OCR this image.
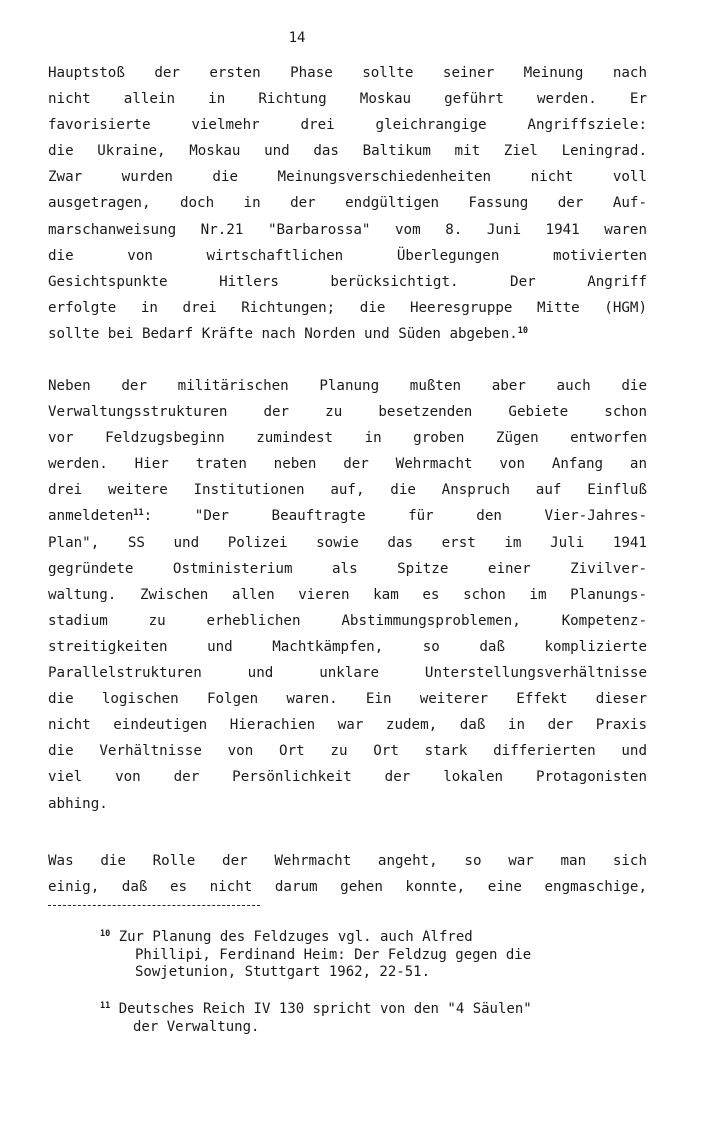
14
Hauptstoß der ersten Phase sollte seiner Meinung nach
nicht allein in Richtung Moskau geführt werden. Er
favorisierte vielmehr drei gleichrangige Angriffsziele:
die Ukraine, Moskau und das Baltikum mit Ziel Leningrad.
Zwar wurden die Meinungsverschiedenheiten nicht voll
ausgetragen, doch in der endgültigen Fassung der Auf-
marschanweisung Nr.21 "Barbarossa" vom 8. Juni 1941 waren
die von wirtschaftlichen Überlegungen motivierten
Gesichtspunkte Hitlers berücksichtigt. Der Angriff
erfolgte in drei Richtungen; die Heeresgruppe Mitte (HGM)
sollte bei Bedarf Kräfte nach Norden und Süden abgeben.$^{10}$
Neben der militärischen Planung mußten aber auch die
Verwaltungsstrukturen der zu besetzenden Gebiete schon
vor Feldzugsbeginn zumindest in groben Zügen entworfen
werden. Hier traten neben der Wehrmacht von Anfang an
drei weitere Institutionen auf, die Anspruch auf Einfluß
anmeldeten$^{11}$: "Der Beauftragte für den Vier-Jahres-
Plan", SS und Polizei sowie das erst im Juli 1941
gegründete Ostministerium als Spitze einer Zivilver-
waltung. Zwischen allen vieren kam es schon im Planungs-
stadium zu erheblichen Abstimmungsproblemen, Kompetenz-
streitigkeiten und Machtkämpfen, so daß komplizierte
Parallelstrukturen und unklare Unterstellungsverhältnisse
die logischen Folgen waren. Ein weiterer Effekt dieser
nicht eindeutigen Hierachien war zudem, daß in der Praxis
die Verhältnisse von Ort zu Ort stark differierten und
viel von der Persönlichkeit der lokalen Protagonisten
abhing.
Was die Rolle der Wehrmacht angeht, so war man sich
einig, daß es nicht darum gehen konnte, eine engmaschige,
$^{10}$ Zur Planung des Feldzuges vgl. auch Alfred
Phillipi, Ferdinand Heim: Der Feldzug gegen die
Sowjetunion, Stuttgart 1962, 22-51.
$^{11}$ Deutsches Reich IV 130 spricht von den "4 Säulen"
der Verwaltung.
